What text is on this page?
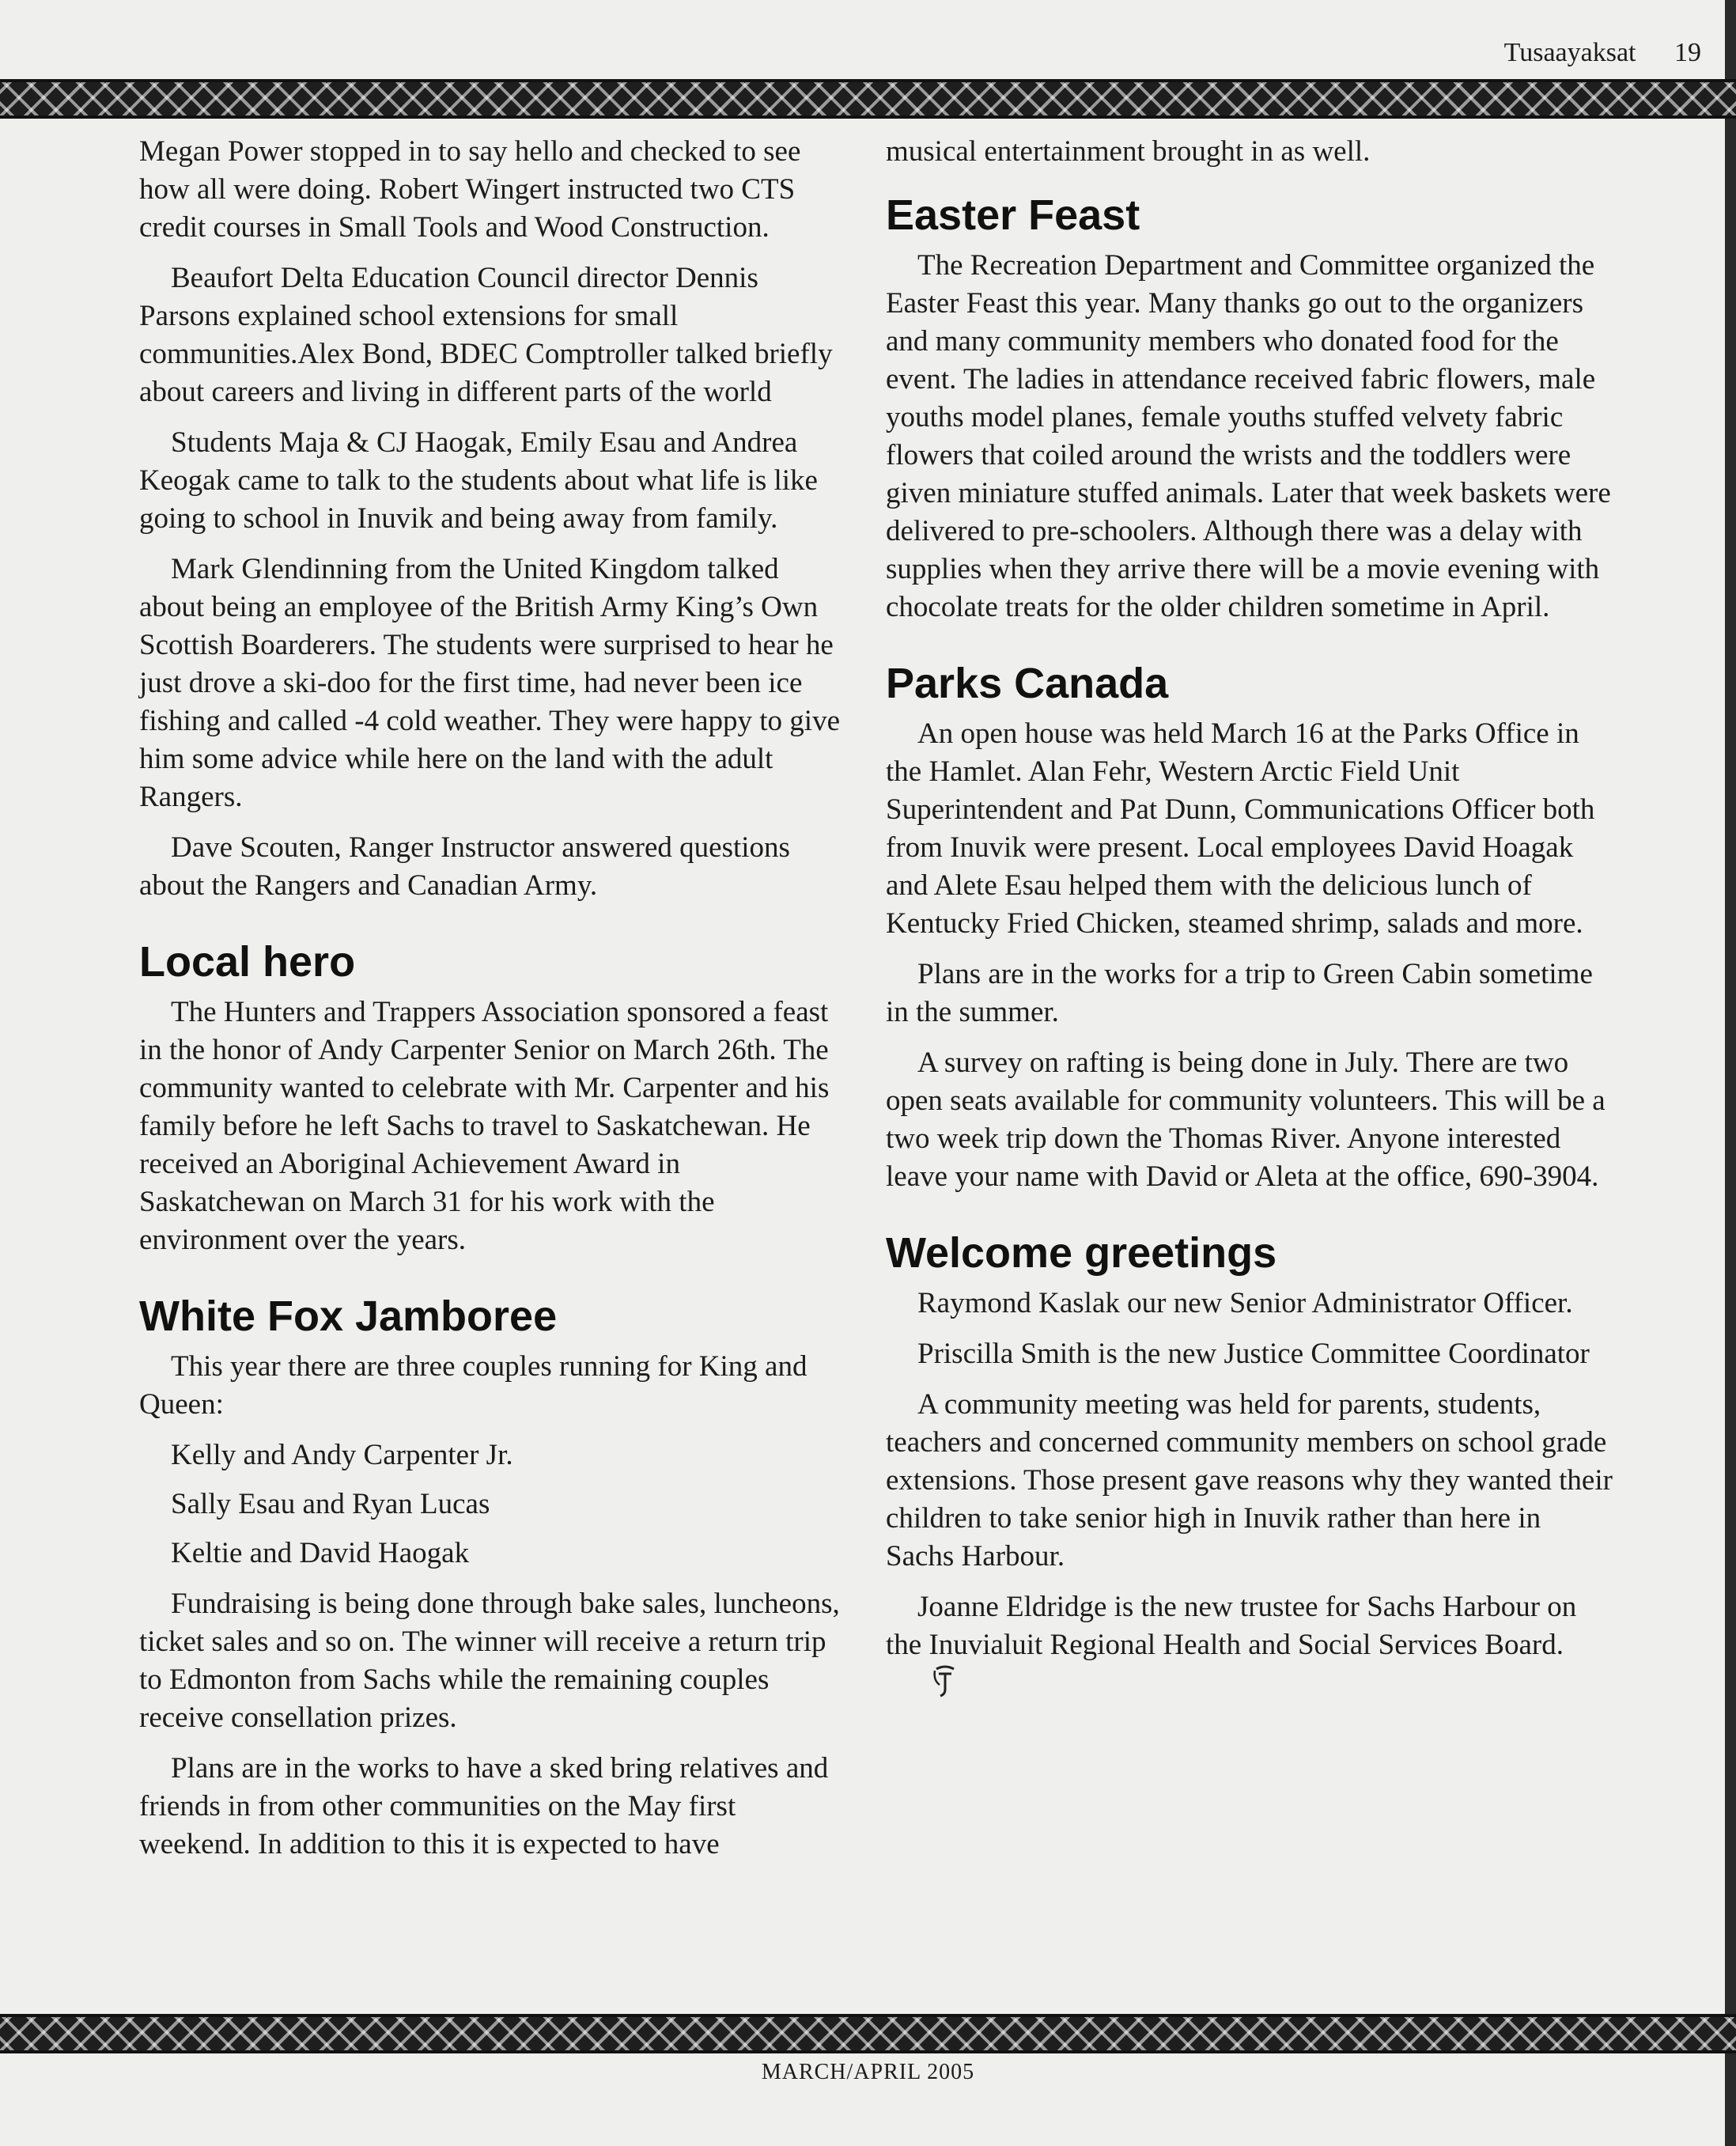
Tusaayaksat 19

Megan Power stopped in to say hello and checked to see how all were doing. Robert Wingert instructed two CTS credit courses in Small Tools and Wood Construction.

Beaufort Delta Education Council director Dennis Parsons explained school extensions for small communities.Alex Bond, BDEC Comptroller talked briefly about careers and living in different parts of the world

Students Maja & CJ Haogak, Emily Esau and Andrea Keogak came to talk to the students about what life is like going to school in Inuvik and being away from family.

Mark Glendinning from the United Kingdom talked about being an employee of the British Army King’s Own Scottish Boarderers. The students were surprised to hear he just drove a ski-doo for the first time, had never been ice fishing and called -4 cold weather. They were happy to give him some advice while here on the land with the adult Rangers.

Dave Scouten, Ranger Instructor answered questions about the Rangers and Canadian Army.

Local hero

The Hunters and Trappers Association sponsored a feast in the honor of Andy Carpenter Senior on March 26th. The community wanted to celebrate with Mr. Carpenter and his family before he left Sachs to travel to Saskatchewan. He received an Aboriginal Achievement Award in Saskatchewan on March 31 for his work with the environment over the years.

White Fox Jamboree

This year there are three couples running for King and Queen:

Kelly and Andy Carpenter Jr.
Sally Esau and Ryan Lucas
Keltie and David Haogak

Fundraising is being done through bake sales, luncheons, ticket sales and so on. The winner will receive a return trip to Edmonton from Sachs while the remaining couples receive consellation prizes.

Plans are in the works to have a sked bring relatives and friends in from other communities on the May first weekend. In addition to this it is expected to have

musical entertainment brought in as well.

Easter Feast

The Recreation Department and Committee organized the Easter Feast this year. Many thanks go out to the organizers and many community members who donated food for the event. The ladies in attendance received fabric flowers, male youths model planes, female youths stuffed velvety fabric flowers that coiled around the wrists and the toddlers were given miniature stuffed animals. Later that week baskets were delivered to pre-schoolers. Although there was a delay with supplies when they arrive there will be a movie evening with chocolate treats for the older children sometime in April.

Parks Canada

An open house was held March 16 at the Parks Office in the Hamlet. Alan Fehr, Western Arctic Field Unit Superintendent and Pat Dunn, Communications Officer both from Inuvik were present. Local employees David Hoagak and Alete Esau helped them with the delicious lunch of Kentucky Fried Chicken, steamed shrimp, salads and more.

Plans are in the works for a trip to Green Cabin sometime in the summer.

A survey on rafting is being done in July. There are two open seats available for community volunteers. This will be a two week trip down the Thomas River. Anyone interested leave your name with David or Aleta at the office, 690-3904.

Welcome greetings

Raymond Kaslak our new Senior Administrator Officer.

Priscilla Smith is the new Justice Committee Coordinator

A community meeting was held for parents, students, teachers and concerned community members on school grade extensions. Those present gave reasons why they wanted their children to take senior high in Inuvik rather than here in Sachs Harbour.

Joanne Eldridge is the new trustee for Sachs Harbour on the Inuvialuit Regional Health and Social Services Board.

MARCH/APRIL 2005
